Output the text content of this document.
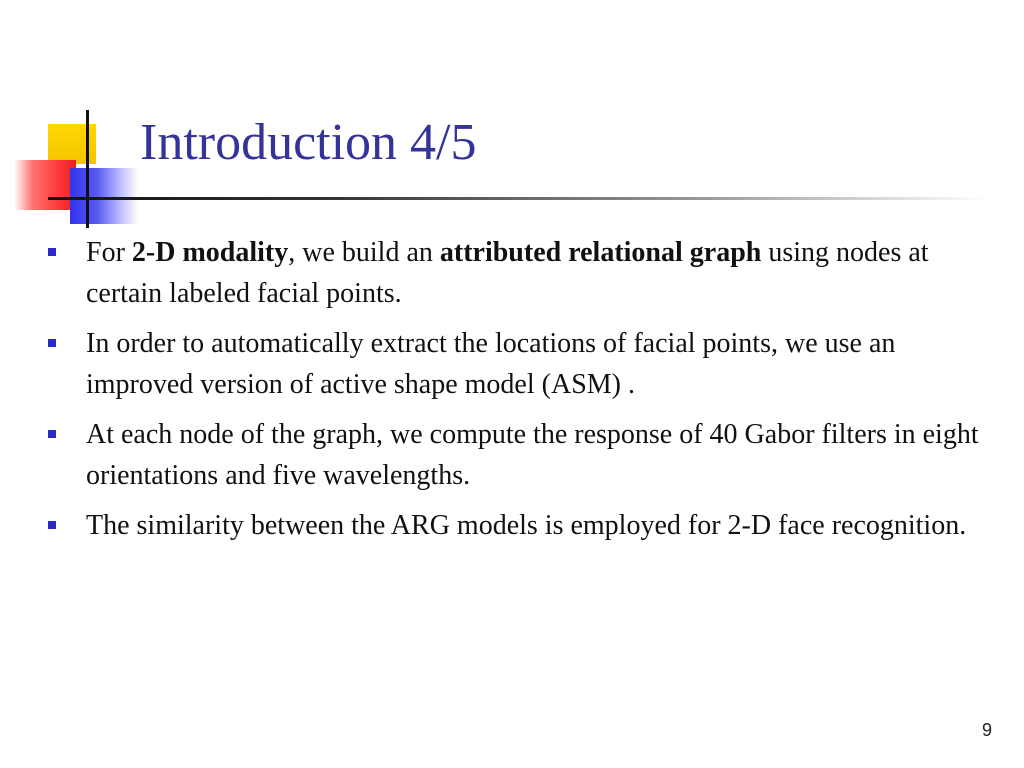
Introduction 4/5
For 2-D modality, we build an attributed relational graph using nodes at certain labeled facial points.
In order to automatically extract the locations of facial points, we use an improved version of active shape model (ASM) .
At each node of the graph, we compute the response of 40 Gabor filters in eight orientations and five wavelengths.
The similarity between the ARG models is employed for 2-D face recognition.
9
